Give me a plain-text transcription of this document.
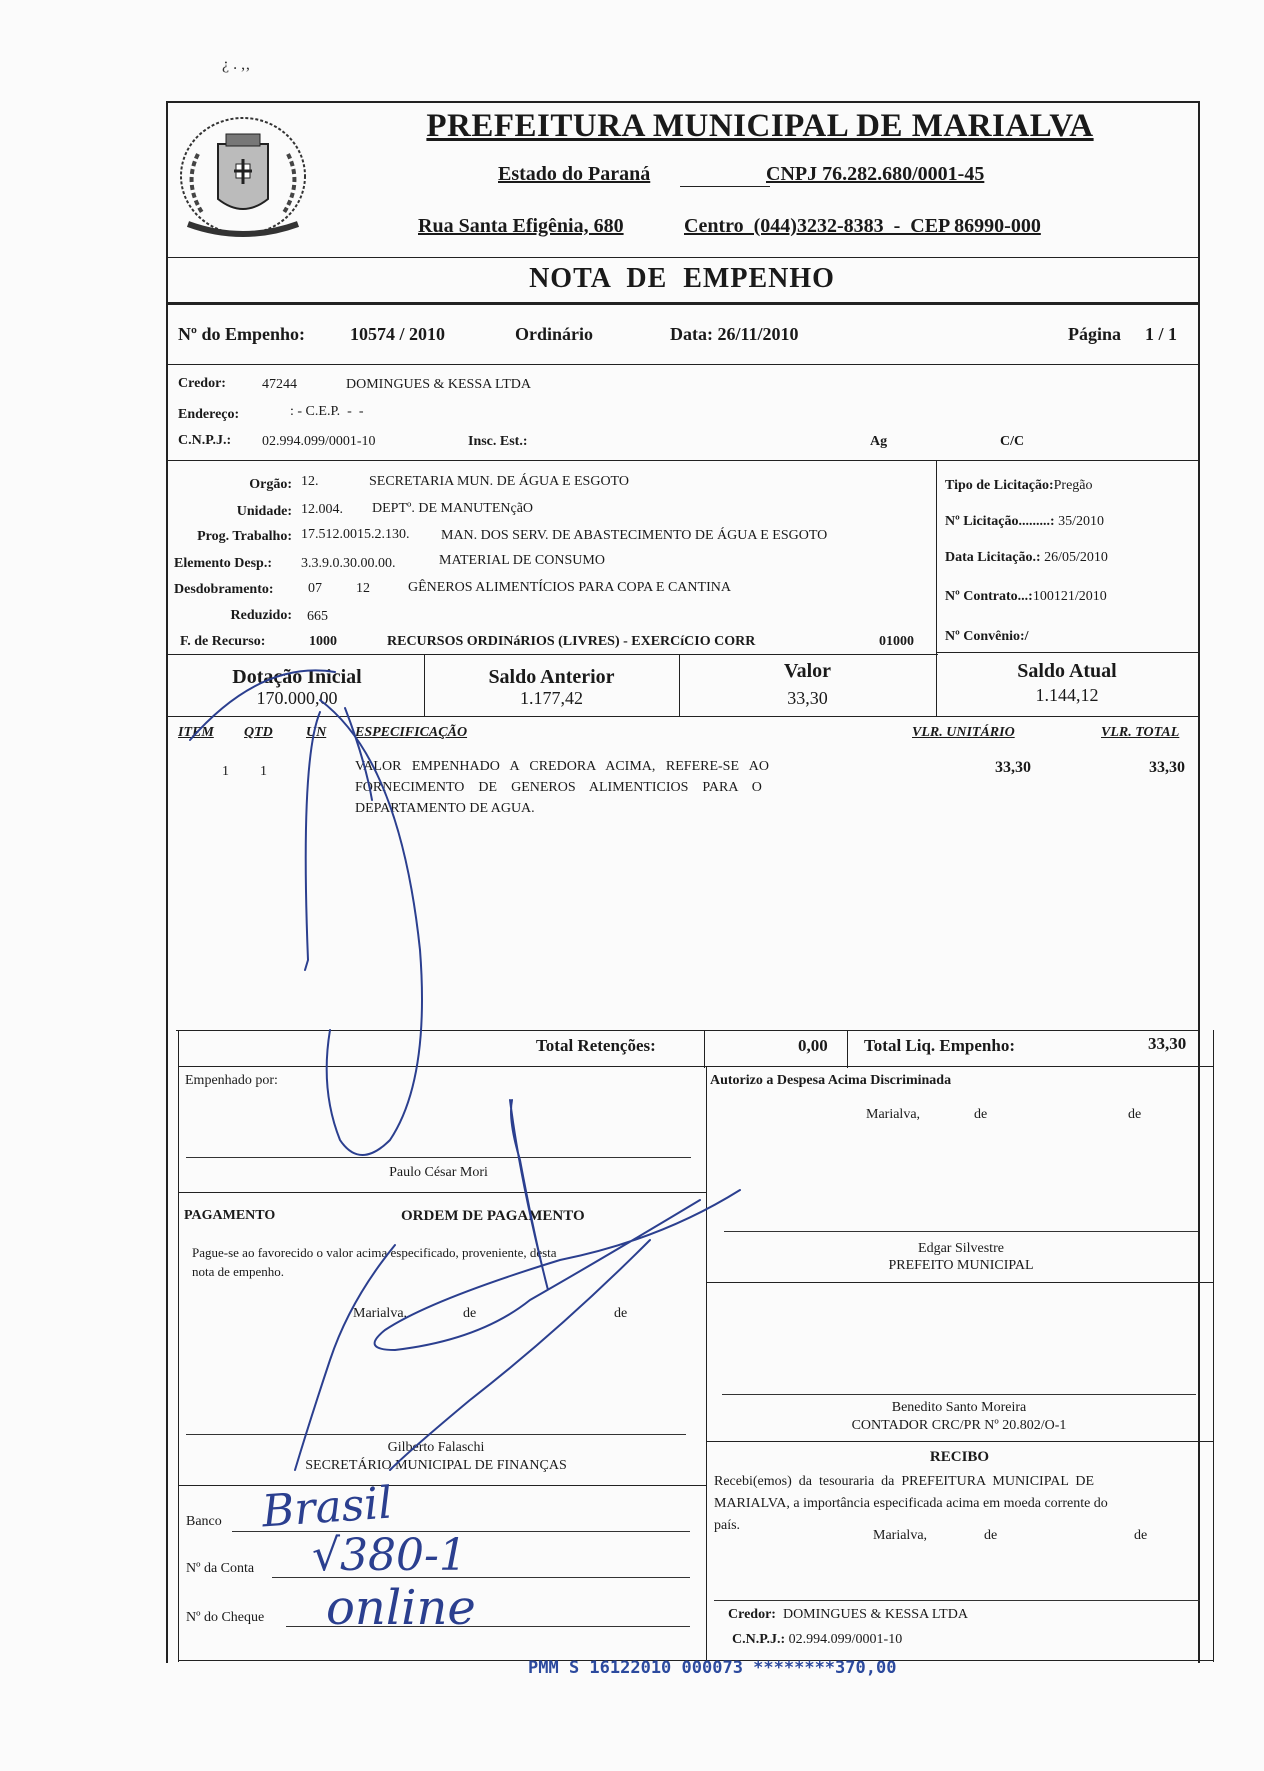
¿ . ,‚
PREFEITURA MUNICIPAL DE MARIALVA
Estado do Paraná	CNPJ 76.282.680/0001-45
Rua Santa Efigênia, 680	Centro  (044)3232-8383  -  CEP 86990-000
NOTA  DE  EMPENHO
Nº do Empenho:	10574 / 2010	Ordinário	Data: 26/11/2010	Página 1 / 1
Credor:	47244	DOMINGUES & KESSA LTDA
Endereço:	: - C.E.P.  -  -
C.N.P.J.: 02.994.099/0001-10	Insc. Est.:	Ag	C/C
Orgão: 12.	SECRETARIA MUN. DE ÁGUA E ESGOTO
Unidade: 12.004. DEPTº. DE MANUTENçãO
Prog. Trabalho: 17.512.0015.2.130. MAN. DOS SERV. DE ABASTECIMENTO DE ÁGUA E ESGOTO
Elemento Desp.: 3.3.9.0.30.00.00.	MATERIAL DE CONSUMO
Desdobramento: 07 12	GÊNEROS ALIMENTÍCIOS PARA COPA E CANTINA
Reduzido: 665
F. de Recurso:	1000	RECURSOS ORDINáRIOS (LIVRES) - EXERCíCIO CORR	01000
Tipo de Licitação:Pregão
Nº Licitação.........: 35/2010
Data Licitação.: 26/05/2010
Nº Contrato...:100121/2010
Nº Convênio:/
Dotação Inicial
170.000,00
Saldo Anterior
1.177,42
Valor
33,30
Saldo Atual
1.144,12
ITEM QTD UN ESPECIFICAÇÃO	VLR. UNITÁRIO	VLR. TOTAL
1 1	VALOR   EMPENHADO   A   CREDORA   ACIMA,   REFERE-SE   AO
FORNECIMENTO    DE    GENEROS    ALIMENTICIOS    PARA    O
DEPARTAMENTO DE AGUA.
33,30	33,30
Total Retenções:	0,00 Total Liq. Empenho:	33,30
Empenhado por:
Paulo César Mori
Autorizo a Despesa Acima Discriminada
Marialva,	de	de
Edgar Silvestre
PREFEITO MUNICIPAL
Benedito Santo Moreira
CONTADOR CRC/PR Nº 20.802/O-1
PAGAMENTO	ORDEM DE PAGAMENTO
Pague-se ao favorecido o valor acima especificado, proveniente, desta
nota de empenho.
Marialva,	de	de
Gilberto Falaschi
SECRETÁRIO MUNICIPAL DE FINANÇAS
Banco
Nº da Conta
Nº do Cheque
RECIBO
Recebi(emos)  da  tesouraria  da  PREFEITURA  MUNICIPAL  DE
MARIALVA, a importância especificada acima em moeda corrente do
país.
Marialva,	de	de
Credor: DOMINGUES & KESSA LTDA
C.N.P.J.: 02.994.099/0001-10
PMM S 16122010 000073 ********370,00
Brasil
√380-1
online
